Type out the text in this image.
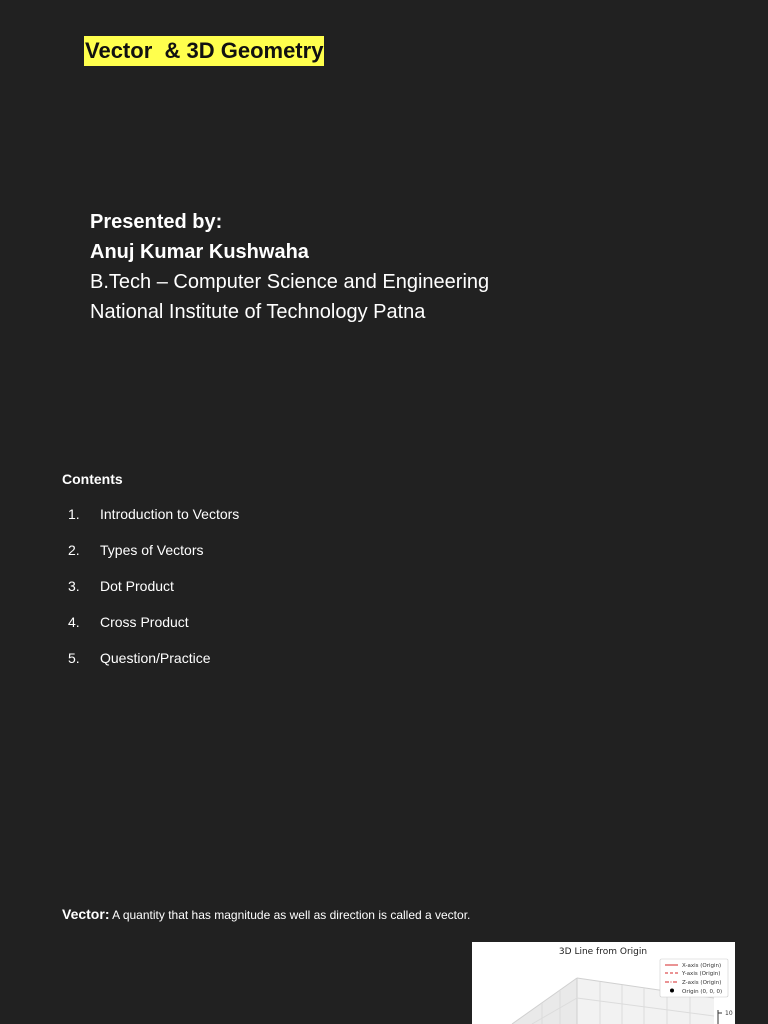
Vector  & 3D Geometry
Presented by:
Anuj Kumar Kushwaha
B.Tech – Computer Science and Engineering
National Institute of Technology Patna
Contents
1.	Introduction to Vectors
2.	Types of Vectors
3.	Dot Product
4.	Cross Product
5.	Question/Practice
Vector: A quantity that has magnitude as well as direction is called a vector.
10
3D Line from Origin
X-axis (Origin)
Y-axis (Origin)
Z-axis (Origin)
Origin (0, 0, 0)
